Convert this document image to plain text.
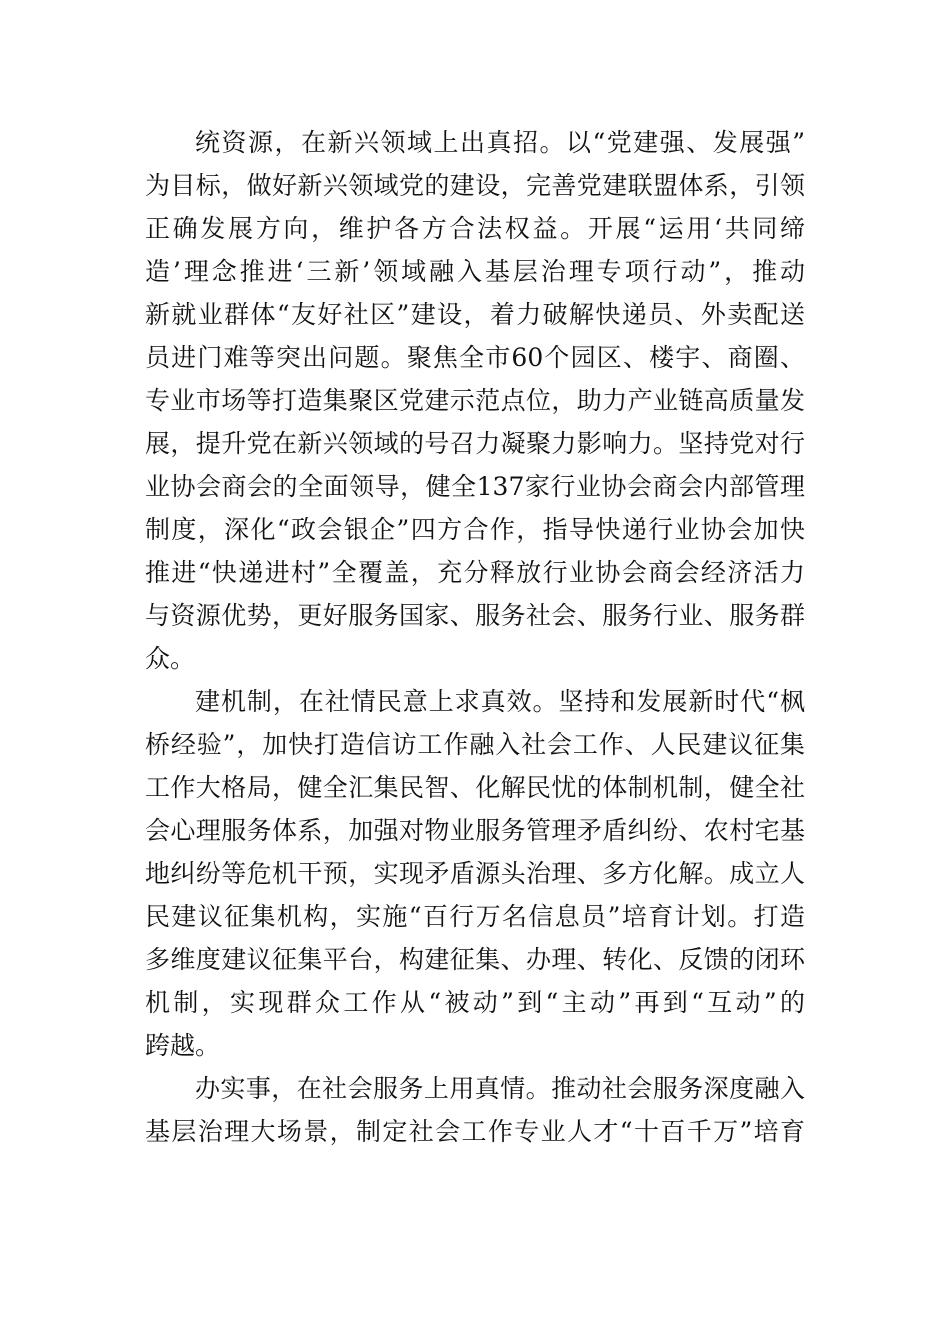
统资源，在新兴领域上出真招。以“党建强、发展强”

为目标，做好新兴领域党的建设，完善党建联盟体系，引领

正确发展方向，维护各方合法权益。开展“运用‘共同缔

造’理念推进‘三新’领域融入基层治理专项行动”，推动

新就业群体“友好社区”建设，着力破解快递员、外卖配送

员进门难等突出问题。聚焦全市60个园区、楼宇、商圈、

专业市场等打造集聚区党建示范点位，助力产业链高质量发

展，提升党在新兴领域的号召力凝聚力影响力。坚持党对行

业协会商会的全面领导，健全137家行业协会商会内部管理

制度，深化“政会银企”四方合作，指导快递行业协会加快

推进“快递进村”全覆盖，充分释放行业协会商会经济活力

与资源优势，更好服务国家、服务社会、服务行业、服务群

众。

建机制，在社情民意上求真效。坚持和发展新时代“枫

桥经验”，加快打造信访工作融入社会工作、人民建议征集

工作大格局，健全汇集民智、化解民忧的体制机制，健全社

会心理服务体系，加强对物业服务管理矛盾纠纷、农村宅基

地纠纷等危机干预，实现矛盾源头治理、多方化解。成立人

民建议征集机构，实施“百行万名信息员”培育计划。打造

多维度建议征集平台，构建征集、办理、转化、反馈的闭环

机制，实现群众工作从“被动”到“主动”再到“互动”的

跨越。

办实事，在社会服务上用真情。推动社会服务深度融入

基层治理大场景，制定社会工作专业人才“十百千万”培育
